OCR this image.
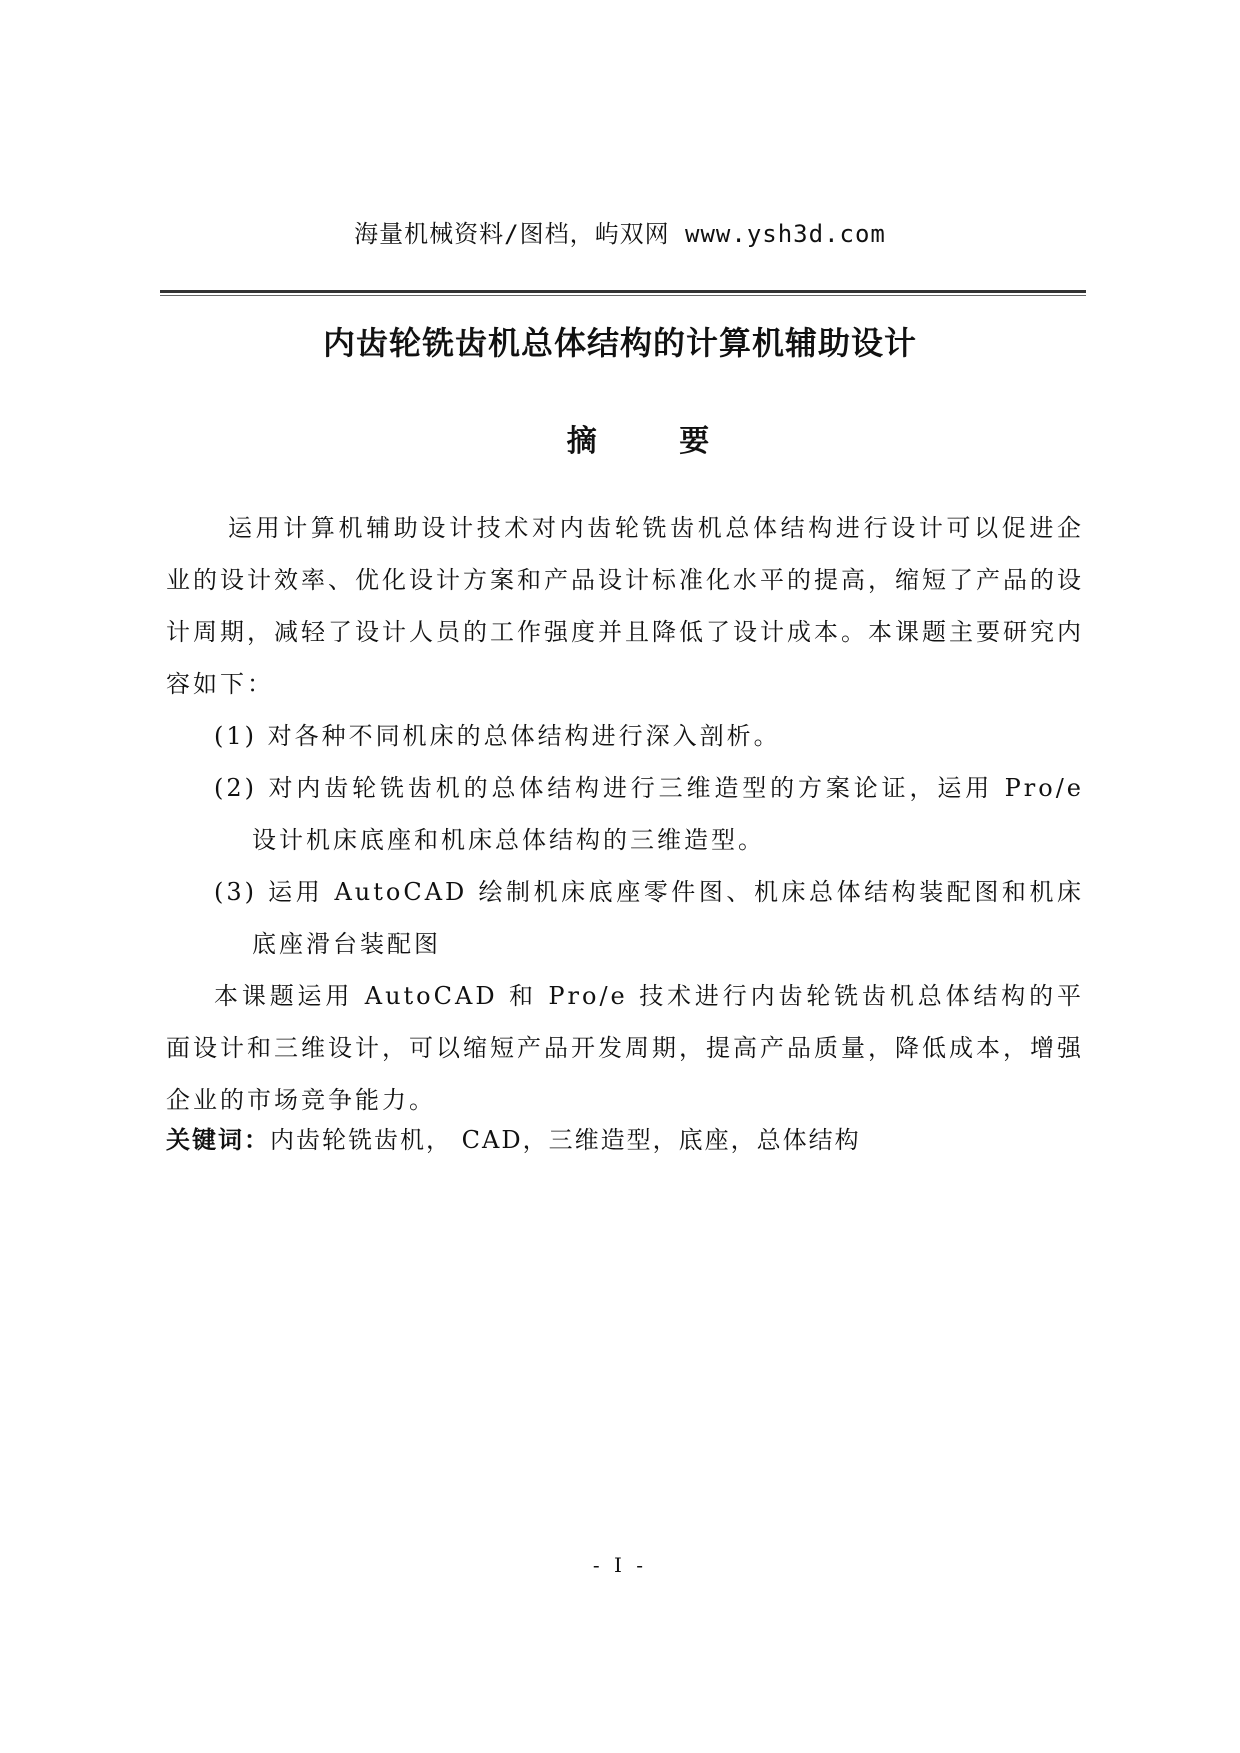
海量机械资料/图档，屿双网 www.ysh3d.com
内齿轮铣齿机总体结构的计算机辅助设计
摘 要

运用计算机辅助设计技术对内齿轮铣齿机总体结构进行设计可以促进企业的设计效率、优化设计方案和产品设计标准化水平的提高，缩短了产品的设计周期，减轻了设计人员的工作强度并且降低了设计成本。本课题主要研究内容如下：

(1) 对各种不同机床的总体结构进行深入剖析。

(2) 对内齿轮铣齿机的总体结构进行三维造型的方案论证，运用 Pro/e 设计机床底座和机床总体结构的三维造型。

(3) 运用 AutoCAD 绘制机床底座零件图、机床总体结构装配图和机床底座滑台装配图

本课题运用 AutoCAD 和 Pro/e 技术进行内齿轮铣齿机总体结构的平面设计和三维设计，可以缩短产品开发周期，提高产品质量，降低成本，增强企业的市场竞争能力。

关键词：内齿轮铣齿机， CAD，三维造型，底座，总体结构
- I -
